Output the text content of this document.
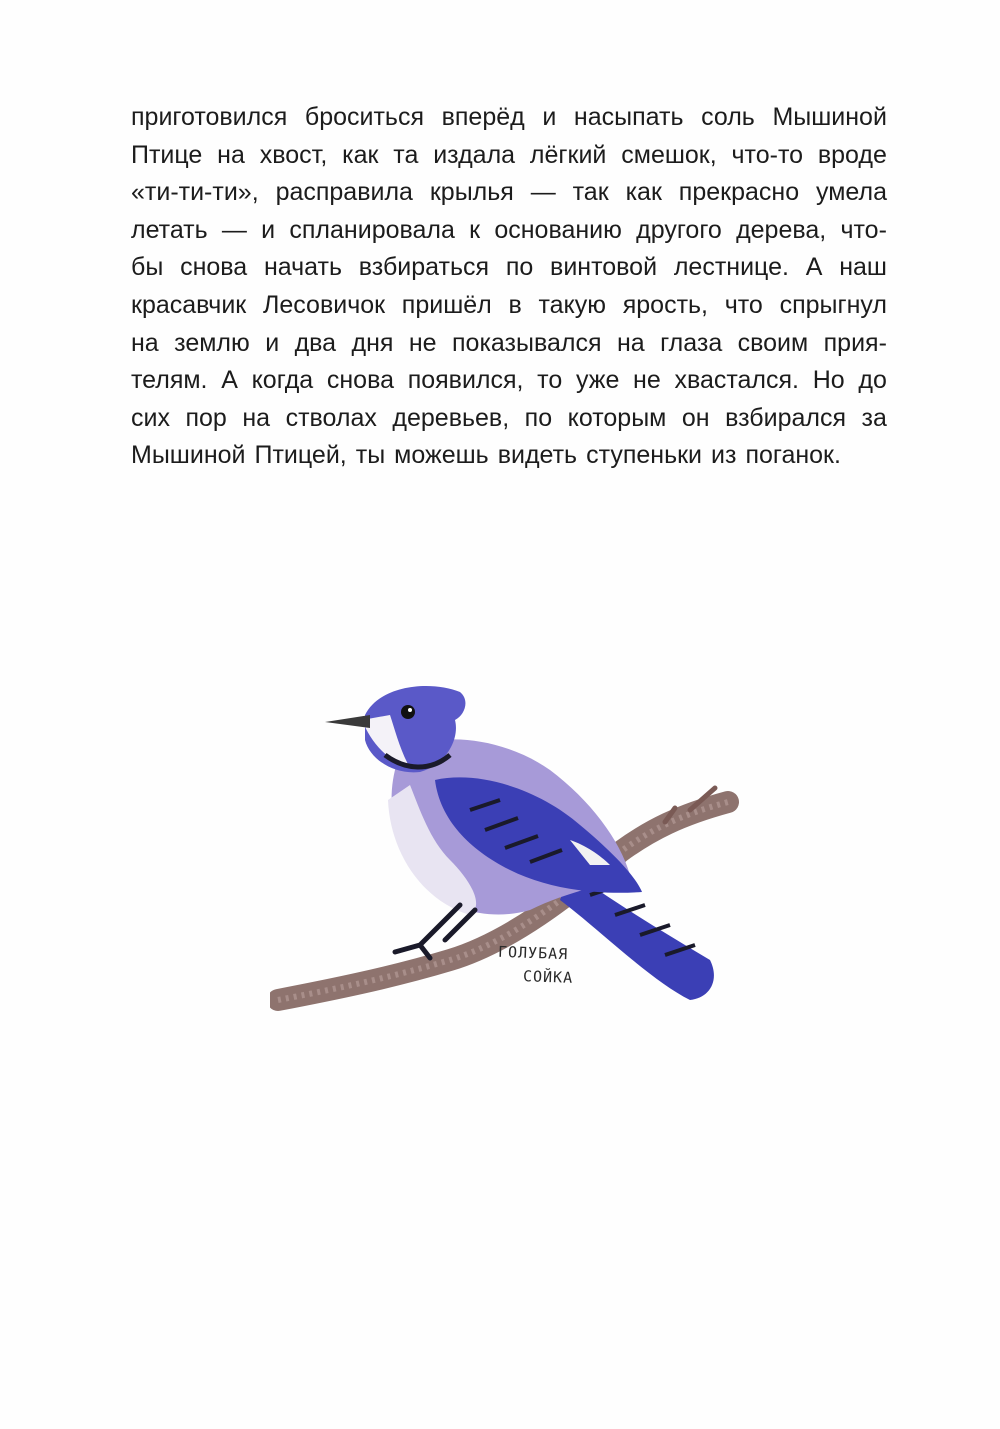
приготовился броситься вперёд и насыпать соль Мышиной
Птице на хвост, как та издала лёгкий смешок, что-то вроде
«ти-ти-ти», расправила крылья — так как прекрасно умела
летать — и спланировала к основанию другого дерева, что-
бы снова начать взбираться по винтовой лестнице. А наш
красавчик Лесовичок пришёл в такую ярость, что спрыгнул
на землю и два дня не показывался на глаза своим прия-
телям. А когда снова появился, то уже не хвастался. Но до
сих пор на стволах деревьев, по которым он взбирался за
Мышиной Птицей, ты можешь видеть ступеньки из поганок.
ГОЛУБАЯ
СОЙКА
